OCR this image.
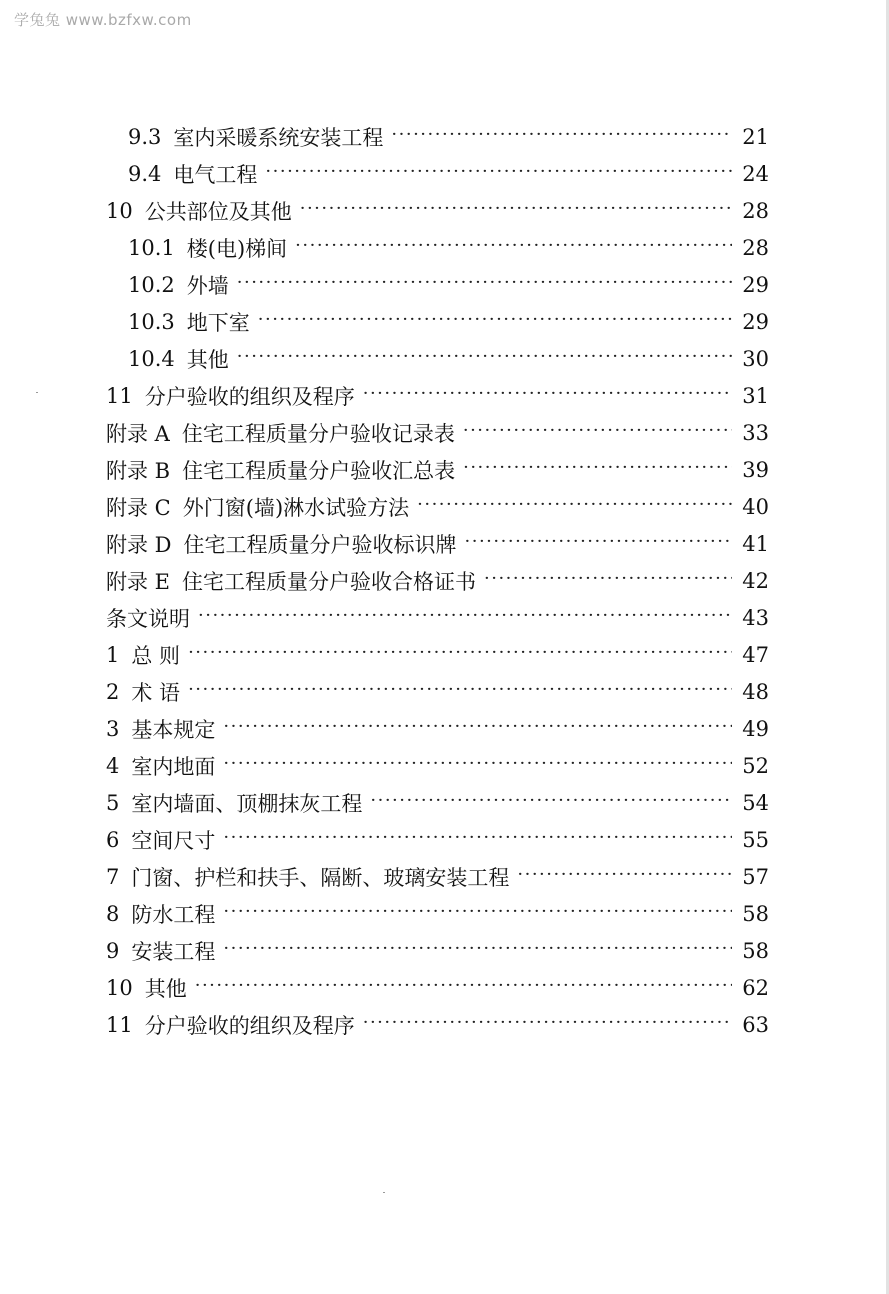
学兔兔 www.bzfxw.com
9.3 室内采暖系统安装工程 ·····	21
9.4 电气工程 ·····	24
10 公共部位及其他 ·····	28
10.1 楼(电)梯间 ·····	28
10.2 外墙 ·····	29
10.3 地下室 ·····	29
10.4 其他 ·····	30
11 分户验收的组织及程序 ·····	31
附录 A 住宅工程质量分户验收记录表 ·····	33
附录 B 住宅工程质量分户验收汇总表 ·····	39
附录 C 外门窗(墙)淋水试验方法 ·····	40
附录 D 住宅工程质量分户验收标识牌 ·····	41
附录 E 住宅工程质量分户验收合格证书 ·····	42
条文说明 ·····	43
1 总 则 ·····	47
2 术 语 ·····	48
3 基本规定 ·····	49
4 室内地面 ·····	52
5 室内墙面、顶棚抹灰工程 ·····	54
6 空间尺寸 ·····	55
7 门窗、护栏和扶手、隔断、玻璃安装工程 ·····	57
8 防水工程 ·····	58
9 安装工程 ·····	58
10 其他 ·····	62
11 分户验收的组织及程序 ·····	63
